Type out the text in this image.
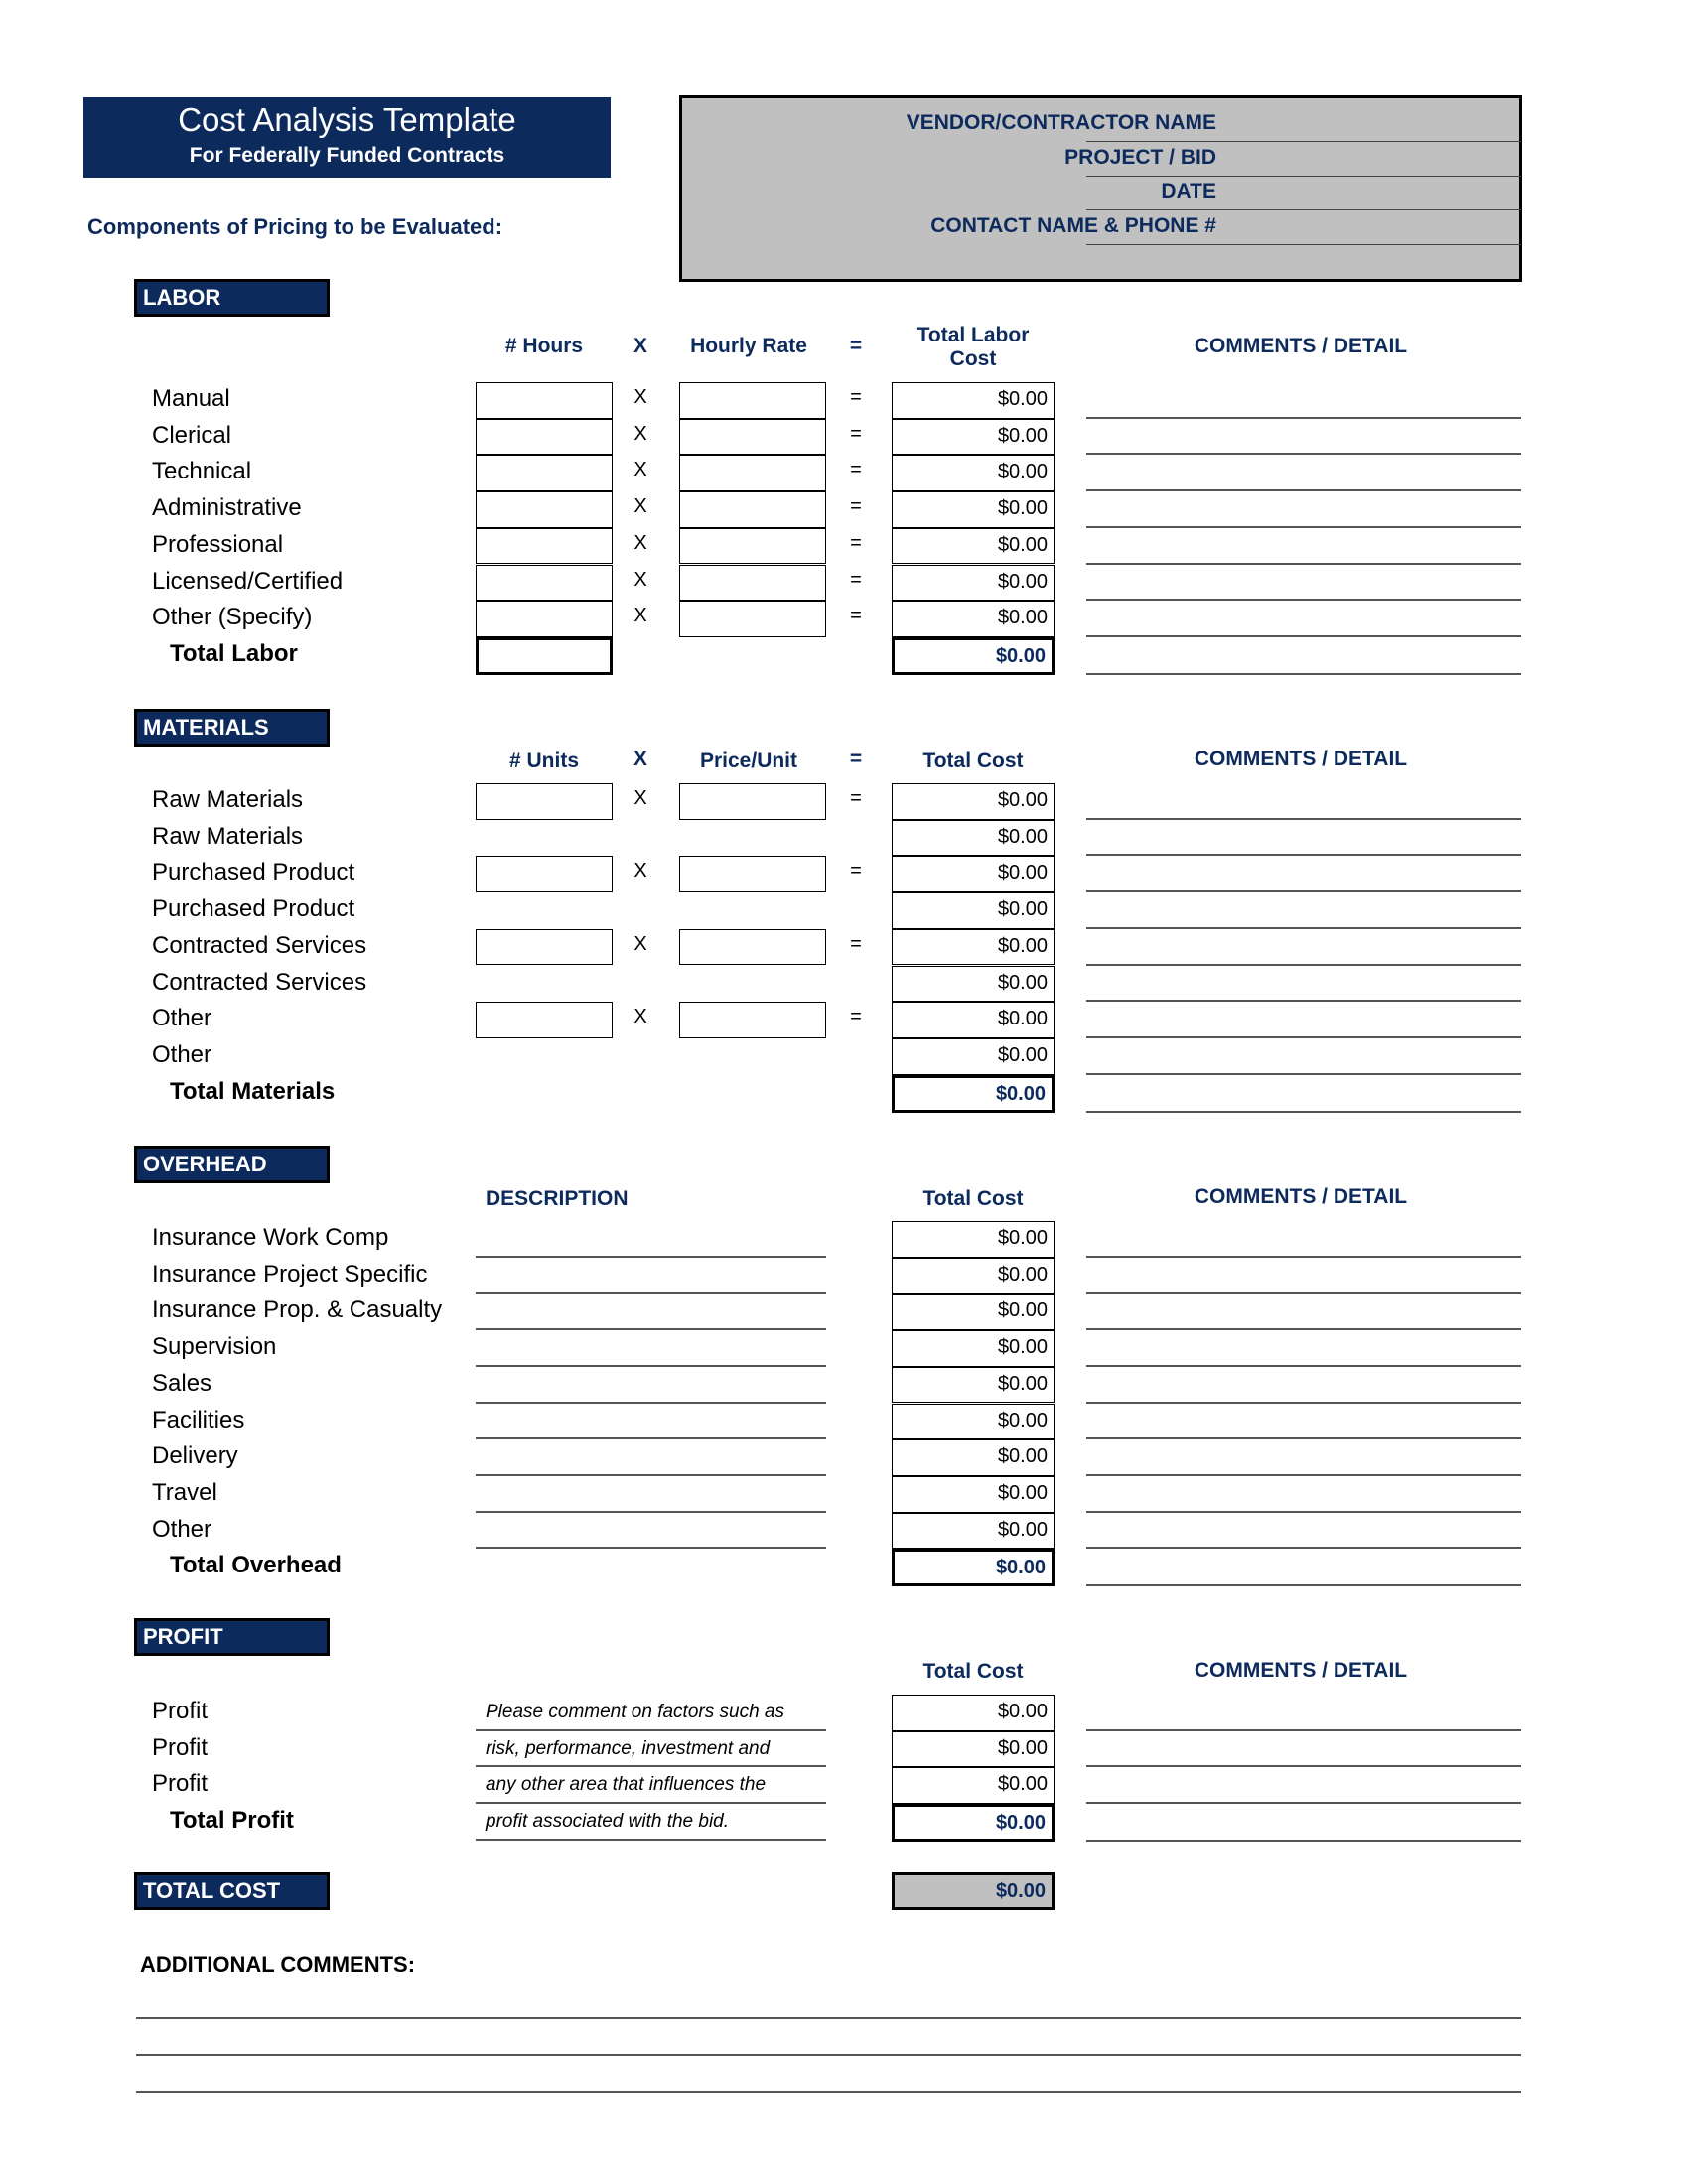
Cost Analysis Template
For Federally Funded Contracts
Components of Pricing to be Evaluated:
VENDOR/CONTRACTOR NAME
PROJECT / BID
DATE
CONTACT NAME & PHONE #
LABOR
# Hours	X	Hourly Rate	=	Total Labor Cost
COMMENTS / DETAIL
Manual	X	=	$0.00
Clerical	X	=	$0.00
Technical	X	=	$0.00
Administrative	X	=	$0.00
Professional	X	=	$0.00
Licensed/Certified	X	=	$0.00
Other (Specify)	X	=	$0.00
Total Labor	$0.00
MATERIALS
# Units	X	Price/Unit	=	Total Cost	COMMENTS / DETAIL
Raw Materials	X	=	$0.00
Raw Materials	$0.00
Purchased Product	X	=	$0.00
Purchased Product	$0.00
Contracted Services	X	=	$0.00
Contracted Services	$0.00
Other	X	=	$0.00
Other	$0.00
Total Materials	$0.00
OVERHEAD
DESCRIPTION	Total Cost	COMMENTS / DETAIL
Insurance Work Comp	$0.00
Insurance Project Specific	$0.00
Insurance Prop. & Casualty	$0.00
Supervision	$0.00
Sales	$0.00
Facilities	$0.00
Delivery	$0.00
Travel	$0.00
Other	$0.00
Total Overhead	$0.00
PROFIT
Total Cost	COMMENTS / DETAIL
Profit	$0.00
Profit	$0.00
Profit	$0.00
Please comment on factors such as
risk, performance, investment and
any other area that influences the
profit associated with the bid.
Total Profit	$0.00
TOTAL COST	$0.00
ADDITIONAL COMMENTS:
